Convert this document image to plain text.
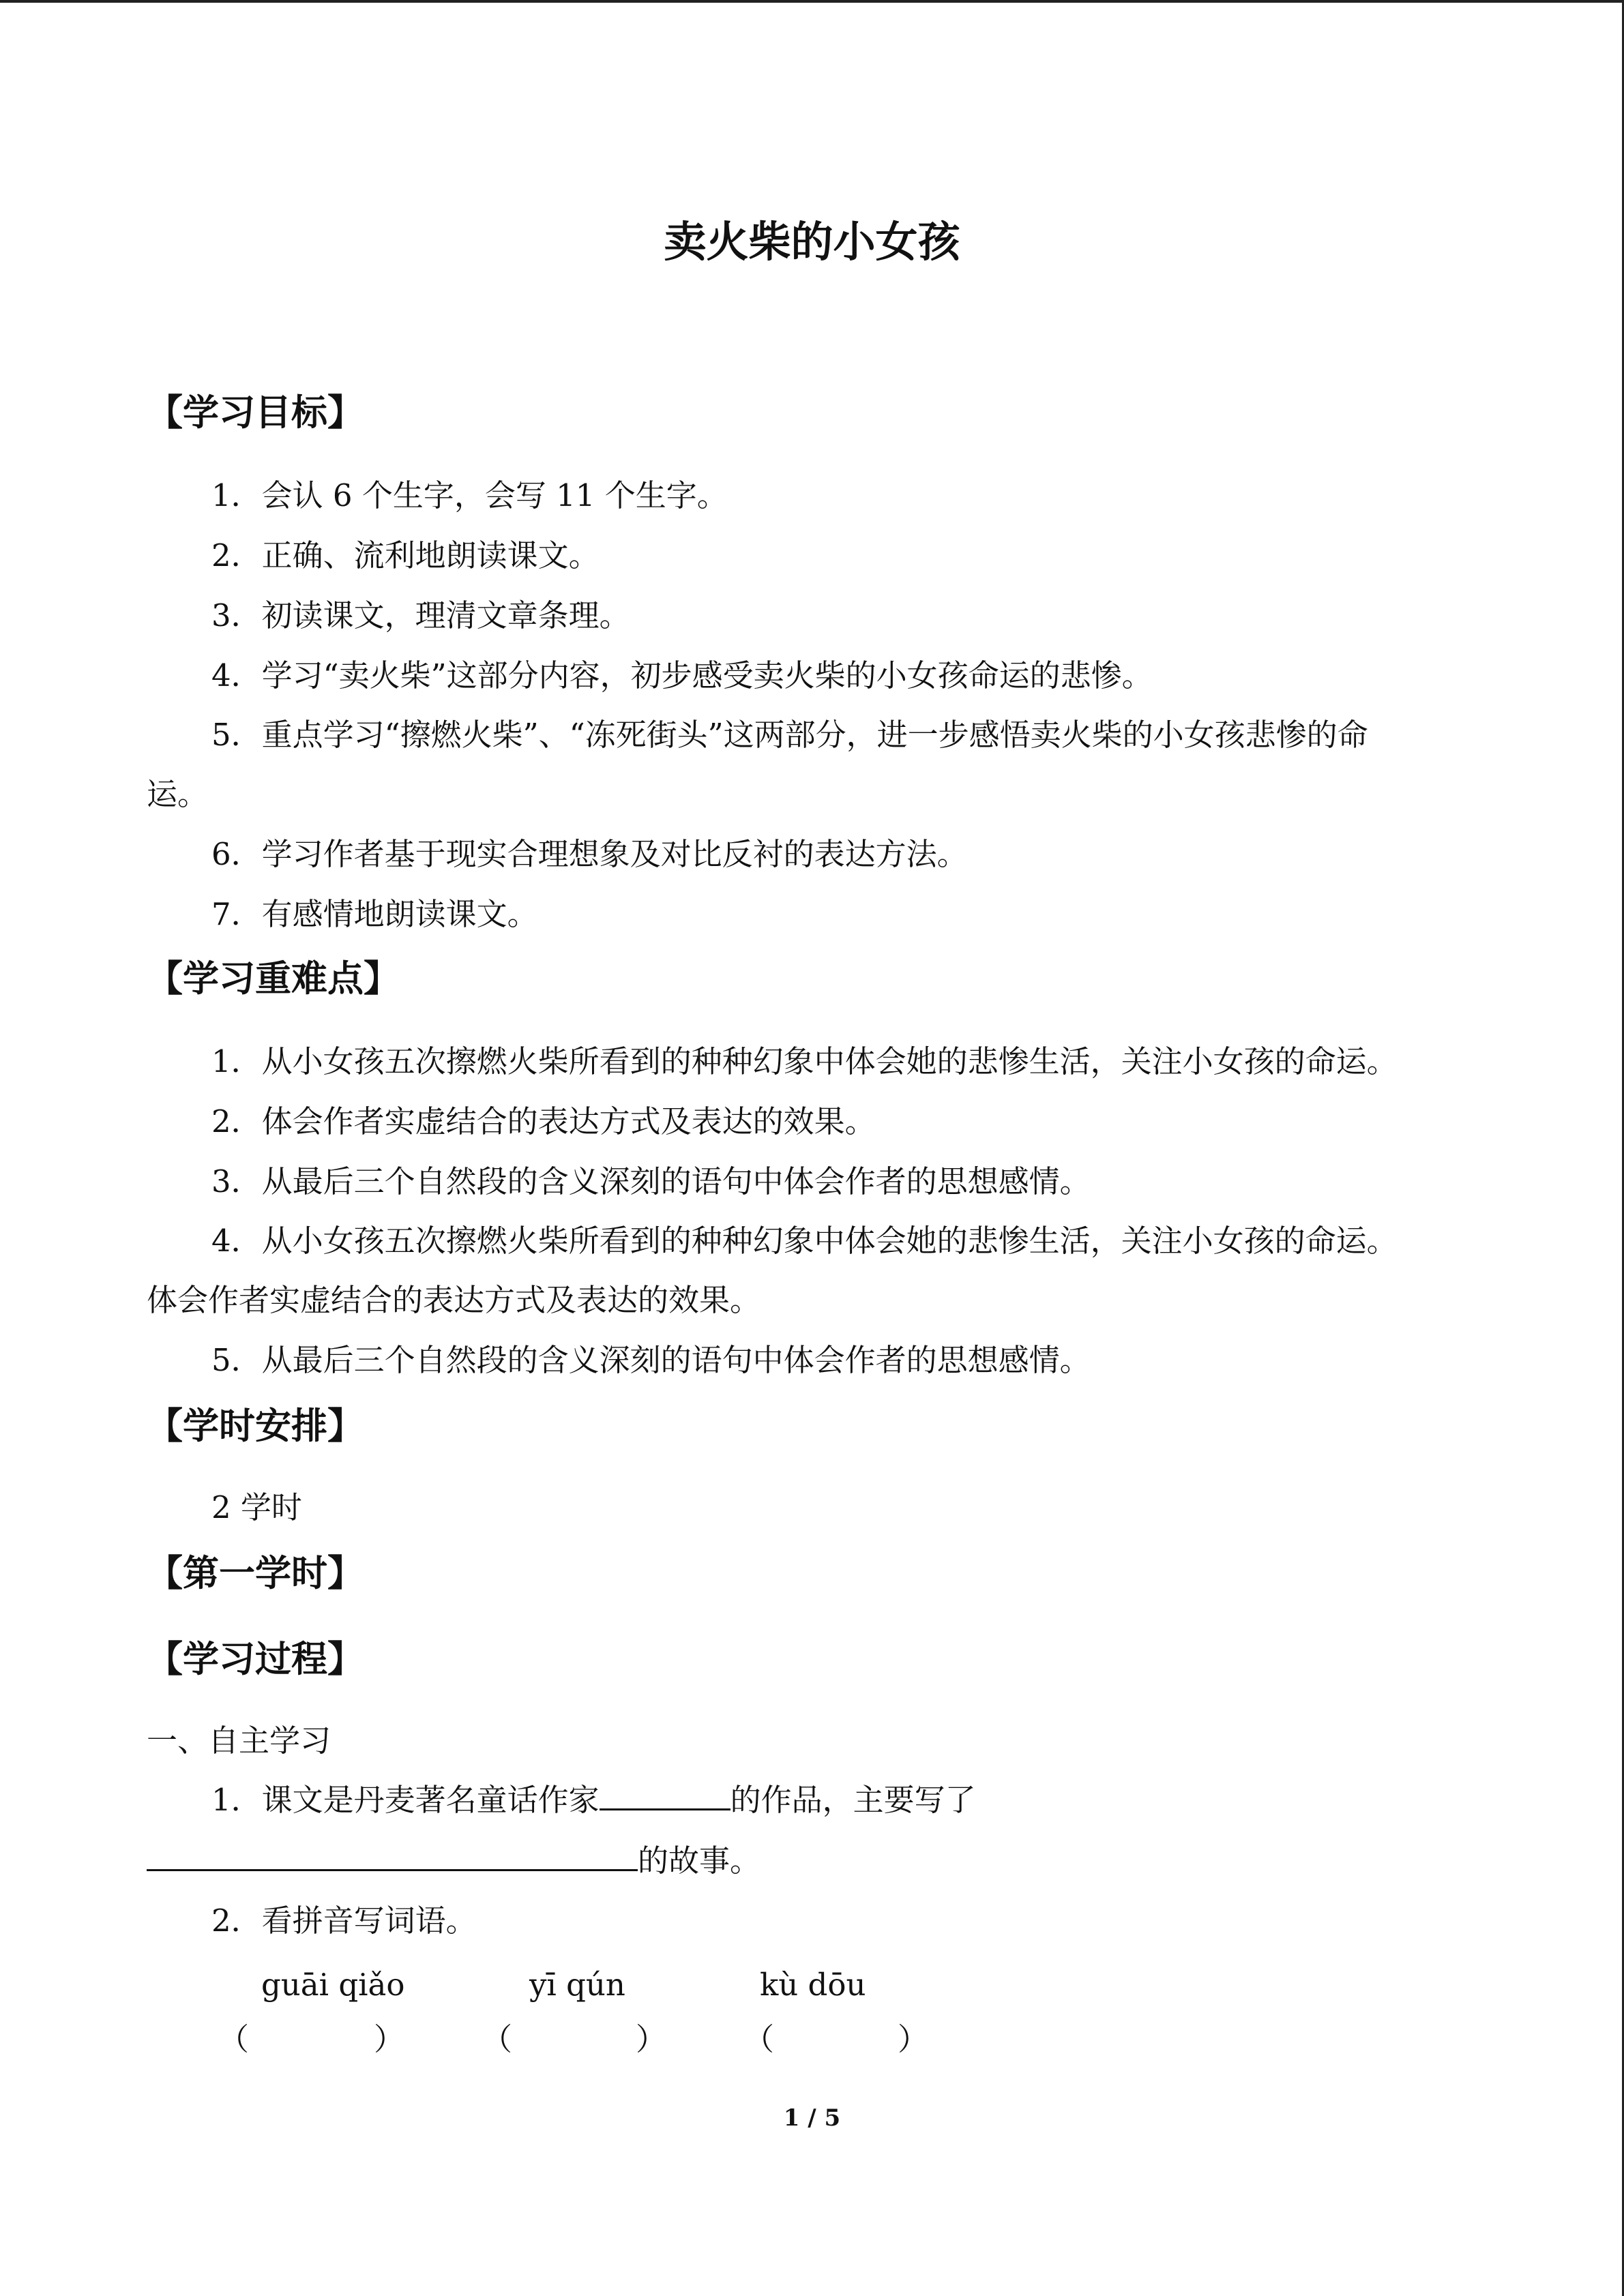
卖火柴的小女孩
【学习目标】
1．会认 6 个生字，会写 11 个生字。
2．正确、流利地朗读课文。
3．初读课文，理清文章条理。
4．学习“卖火柴”这部分内容，初步感受卖火柴的小女孩命运的悲惨。
5．重点学习“擦燃火柴”、“冻死街头”这两部分，进一步感悟卖火柴的小女孩悲惨的命
运。
6．学习作者基于现实合理想象及对比反衬的表达方法。
7．有感情地朗读课文。
【学习重难点】
1．从小女孩五次擦燃火柴所看到的种种幻象中体会她的悲惨生活，关注小女孩的命运。
2．体会作者实虚结合的表达方式及表达的效果。
3．从最后三个自然段的含义深刻的语句中体会作者的思想感情。
4．从小女孩五次擦燃火柴所看到的种种幻象中体会她的悲惨生活，关注小女孩的命运。
体会作者实虚结合的表达方式及表达的效果。
5．从最后三个自然段的含义深刻的语句中体会作者的思想感情。
【学时安排】
2 学时
【第一学时】
【学习过程】
一、自主学习
1．课文是丹麦著名童话作家	的作品，主要写了
的故事。
2．看拼音写词语。
guāi qiǎo	yī qún	kù dōu
（	）	（	）	（	）
1 / 5
